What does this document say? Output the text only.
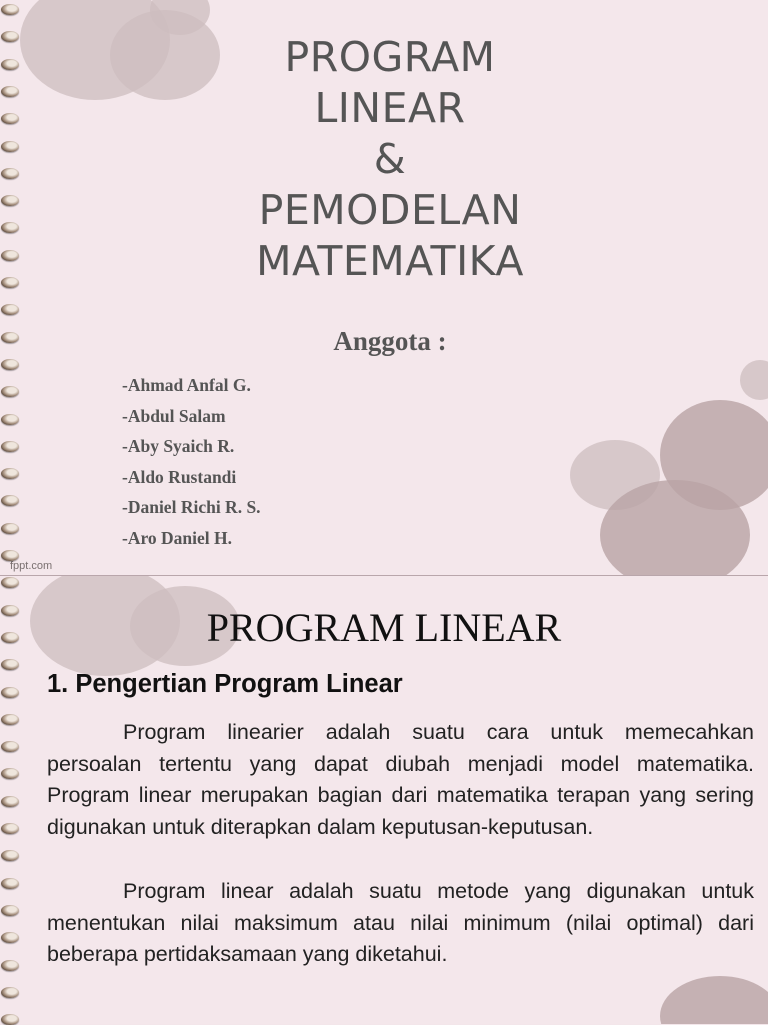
PROGRAM
LINEAR
&
PEMODELAN
MATEMATIKA
Anggota :
-Ahmad Anfal G.
-Abdul Salam
-Aby Syaich R.
-Aldo Rustandi
-Daniel Richi R. S.
-Aro Daniel H.
fppt.com
PROGRAM LINEAR
1. Pengertian Program Linear

Program linearier adalah suatu cara untuk memecahkan persoalan tertentu yang dapat diubah menjadi model matematika. Program linear merupakan bagian dari matematika terapan yang sering digunakan untuk diterapkan dalam keputusan-keputusan.

Program linear adalah suatu metode yang digunakan untuk menentukan nilai maksimum atau nilai minimum (nilai optimal) dari beberapa pertidaksamaan yang diketahui.
